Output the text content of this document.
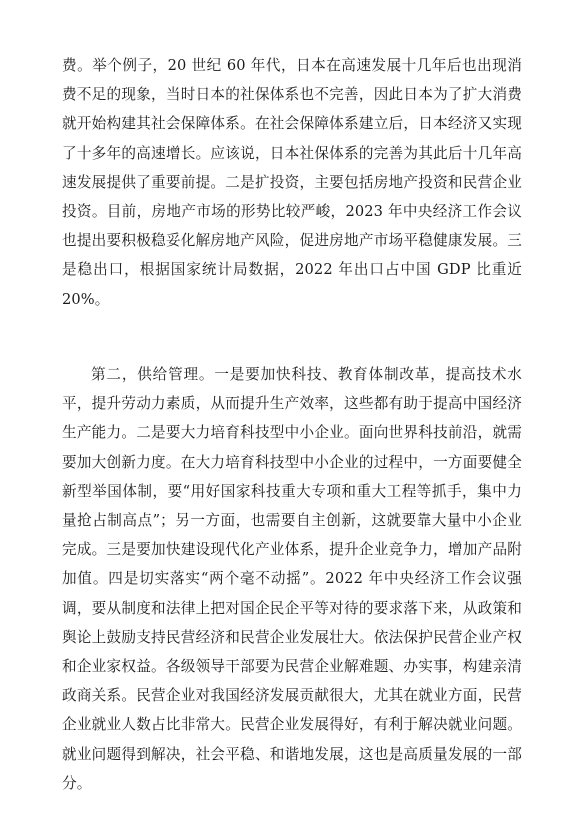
费。举个例子，20 世纪 60 年代，日本在高速发展十几年后也出现消费不足的现象，当时日本的社保体系也不完善，因此日本为了扩大消费就开始构建其社会保障体系。在社会保障体系建立后，日本经济又实现了十多年的高速增长。应该说，日本社保体系的完善为其此后十几年高速发展提供了重要前提。二是扩投资，主要包括房地产投资和民营企业投资。目前，房地产市场的形势比较严峻，2023 年中央经济工作会议也提出要积极稳妥化解房地产风险，促进房地产市场平稳健康发展。三是稳出口，根据国家统计局数据，2022 年出口占中国 GDP 比重近 20%。

第二，供给管理。一是要加快科技、教育体制改革，提高技术水平，提升劳动力素质，从而提升生产效率，这些都有助于提高中国经济生产能力。二是要大力培育科技型中小企业。面向世界科技前沿，就需要加大创新力度。在大力培育科技型中小企业的过程中，一方面要健全新型举国体制，要“用好国家科技重大专项和重大工程等抓手，集中力量抢占制高点”；另一方面，也需要自主创新，这就要靠大量中小企业完成。三是要加快建设现代化产业体系，提升企业竞争力，增加产品附加值。四是切实落实“两个毫不动摇”。2022 年中央经济工作会议强调，要从制度和法律上把对国企民企平等对待的要求落下来，从政策和舆论上鼓励支持民营经济和民营企业发展壮大。依法保护民营企业产权和企业家权益。各级领导干部要为民营企业解难题、办实事，构建亲清政商关系。民营企业对我国经济发展贡献很大，尤其在就业方面，民营企业就业人数占比非常大。民营企业发展得好，有利于解决就业问题。就业问题得到解决，社会平稳、和谐地发展，这也是高质量发展的一部分。
